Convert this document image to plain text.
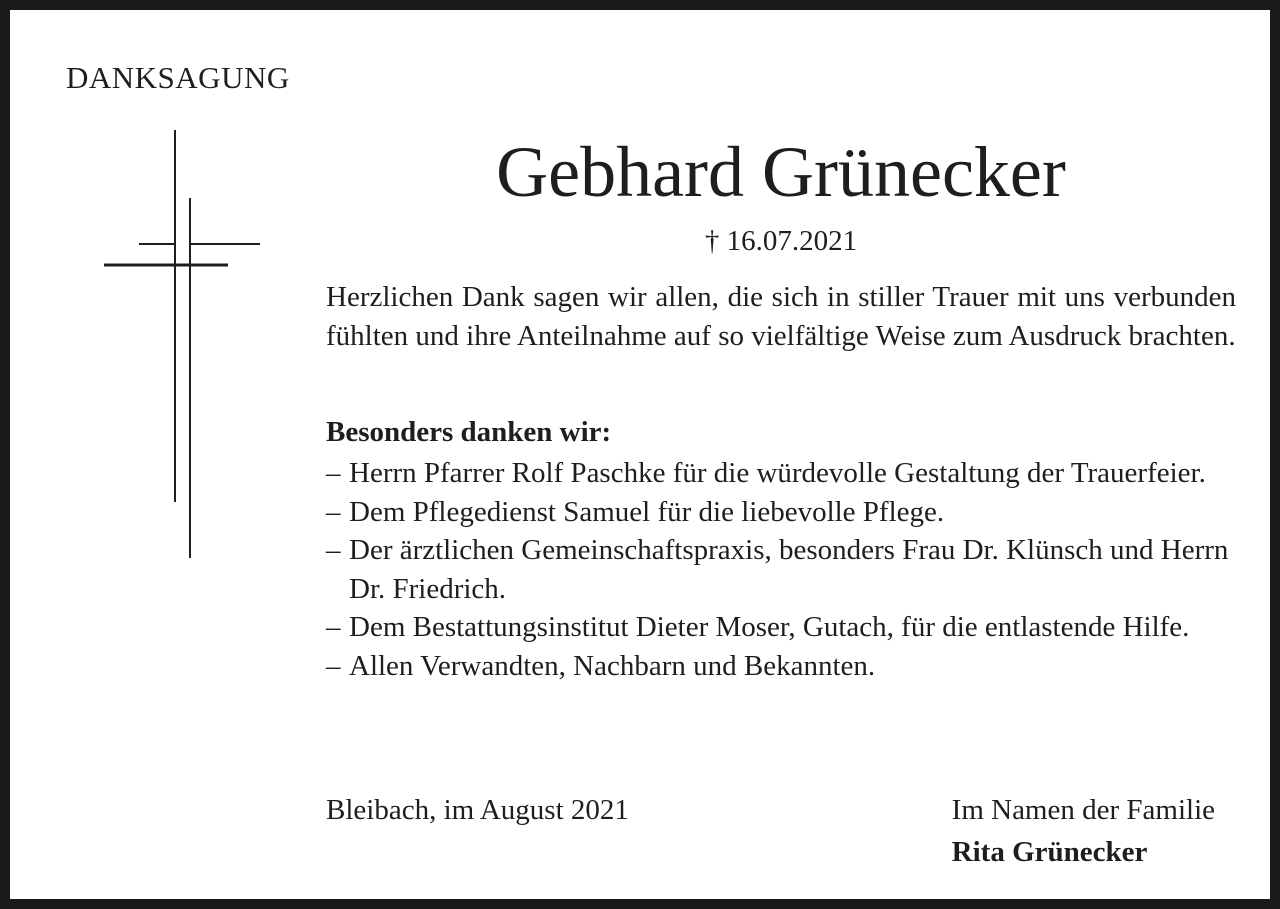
DANKSAGUNG
Gebhard Grünecker
† 16.07.2021

Herzlichen Dank sagen wir allen, die sich in stiller Trauer mit uns verbunden fühlten und ihre Anteilnahme auf so vielfältige Weise zum Ausdruck brachten.

Besonders danken wir:
– Herrn Pfarrer Rolf Paschke für die würdevolle Gestaltung der Trauerfeier.
– Dem Pflegedienst Samuel für die liebevolle Pflege.
– Der ärztlichen Gemeinschaftspraxis, besonders Frau Dr. Klünsch und Herrn Dr. Friedrich.
– Dem Bestattungsinstitut Dieter Moser, Gutach, für die entlastende Hilfe.
– Allen Verwandten, Nachbarn und Bekannten.
Bleibach, im August 2021	Im Namen der Familie
Rita Grünecker
